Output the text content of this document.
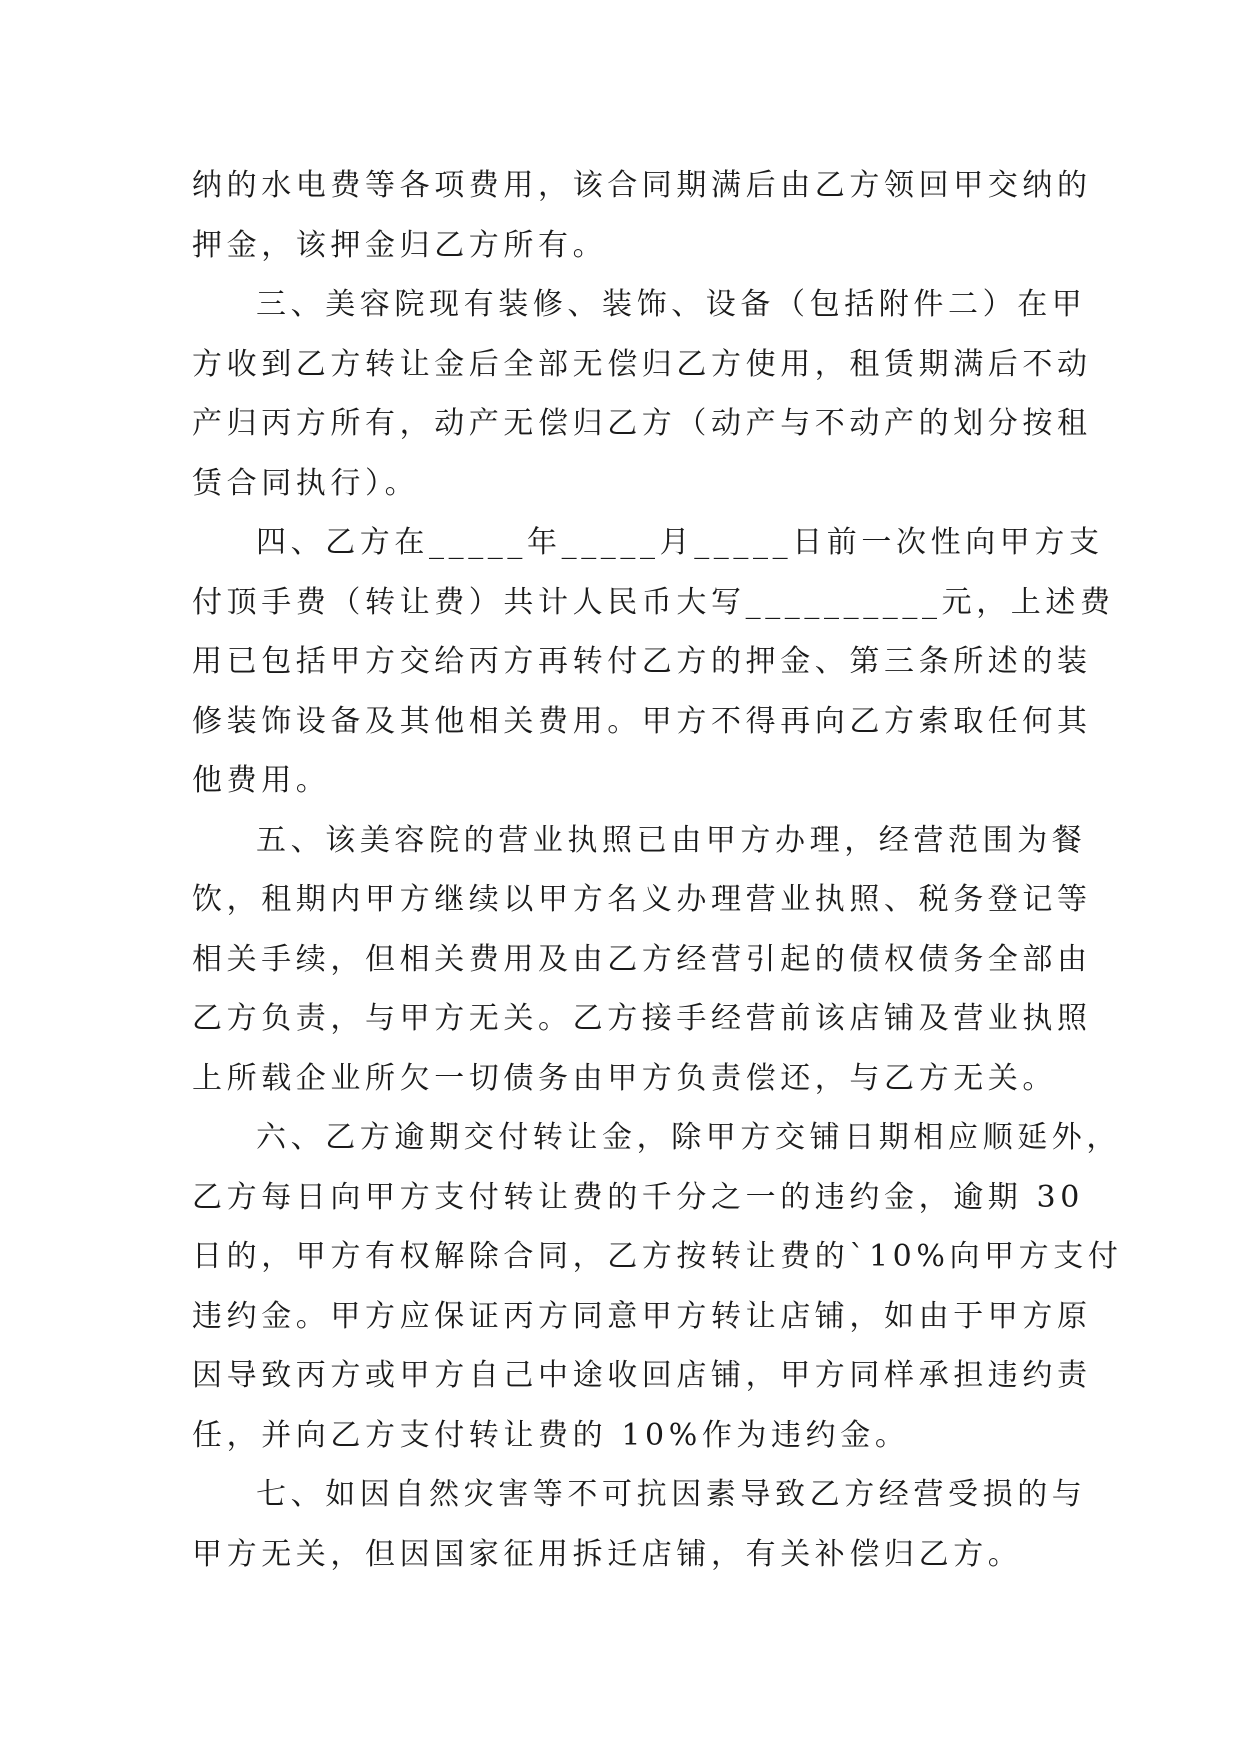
纳的水电费等各项费用，该合同期满后由乙方领回甲交纳的
押金，该押金归乙方所有。

三、美容院现有装修、装饰、设备（包括附件二）在甲
方收到乙方转让金后全部无偿归乙方使用，租赁期满后不动
产归丙方所有，动产无偿归乙方（动产与不动产的划分按租
赁合同执行）。

四、乙方在_____年_____月_____日前一次性向甲方支
付顶手费（转让费）共计人民币大写__________元，上述费
用已包括甲方交给丙方再转付乙方的押金、第三条所述的装
修装饰设备及其他相关费用。甲方不得再向乙方索取任何其
他费用。

五、该美容院的营业执照已由甲方办理，经营范围为餐
饮，租期内甲方继续以甲方名义办理营业执照、税务登记等
相关手续，但相关费用及由乙方经营引起的债权债务全部由
乙方负责，与甲方无关。乙方接手经营前该店铺及营业执照
上所载企业所欠一切债务由甲方负责偿还，与乙方无关。

六、乙方逾期交付转让金，除甲方交铺日期相应顺延外，
乙方每日向甲方支付转让费的千分之一的违约金，逾期 30
日的，甲方有权解除合同，乙方按转让费的`10%向甲方支付
违约金。甲方应保证丙方同意甲方转让店铺，如由于甲方原
因导致丙方或甲方自己中途收回店铺，甲方同样承担违约责
任，并向乙方支付转让费的 10%作为违约金。

七、如因自然灾害等不可抗因素导致乙方经营受损的与
甲方无关，但因国家征用拆迁店铺，有关补偿归乙方。
